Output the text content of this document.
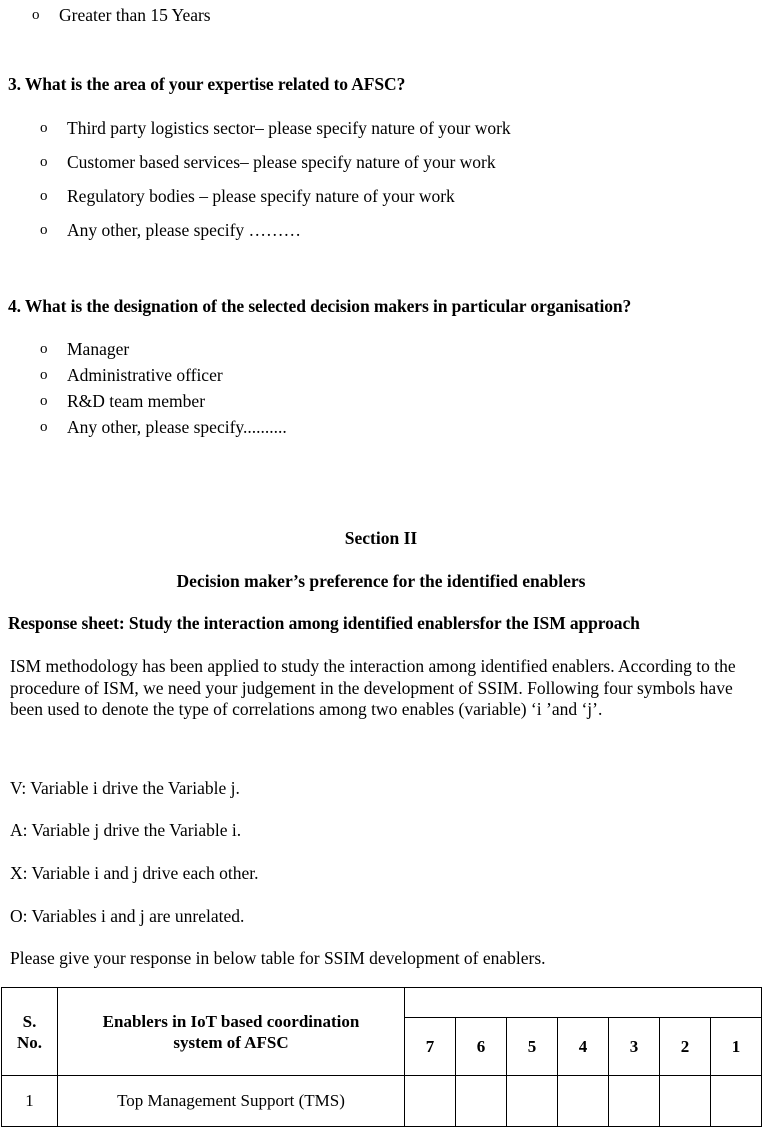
o Greater than 15 Years
3. What is the area of your expertise related to AFSC?
o Third party logistics sector– please specify nature of your work
o Customer based services– please specify nature of your work
o Regulatory bodies – please specify nature of your work
o Any other, please specify ………
4. What is the designation of the selected decision makers in particular organisation?
o Manager
o Administrative officer
o R&D team member
o Any other, please specify..........
Section II
Decision maker’s preference for the identified enablers
Response sheet: Study the interaction among identified enablersfor the ISM approach
ISM methodology has been applied to study the interaction among identified enablers. According to the procedure of ISM, we need your judgement in the development of SSIM. Following four symbols have been used to denote the type of correlations among two enables (variable) ‘i ’and ‘j’.
V: Variable i drive the Variable j.
A: Variable j drive the Variable i.
X: Variable i and j drive each other.
O: Variables i and j are unrelated.
Please give your response in below table for SSIM development of enablers.
S.
No.

Enablers in IoT based coordination
system of AFSC

		7	6	5	4	3	2	1
1	Top Management Support (TMS)							
